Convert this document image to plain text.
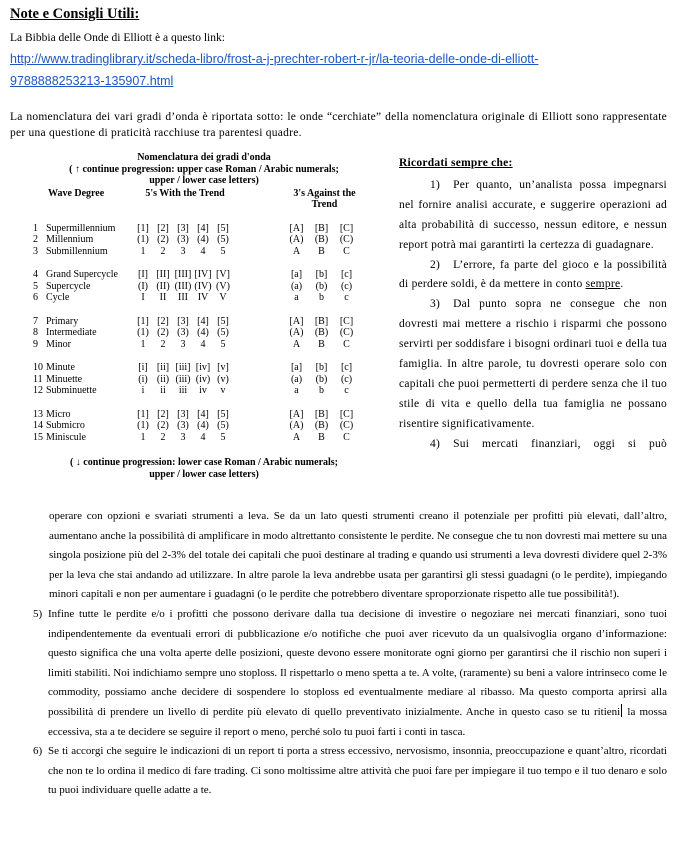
Note e Consigli Utili:

La Bibbia delle Onde di Elliott è a questo link:

http://www.tradinglibrary.it/scheda-libro/frost-a-j-prechter-robert-r-jr/la-teoria-delle-onde-di-elliott-9788888253213-135907.html

La nomenclatura dei vari gradi d’onda è riportata sotto: le onde “cerchiate” della nomenclatura originale di Elliott sono rappresentate per una questione di praticità racchiuse tra parentesi quadre.

Nomenclatura dei gradi d'onda
( ↑ continue progression: upper case Roman / Arabic numerals;
upper / lower case letters)
Wave Degree	5's With the Trend	3's Against the Trend
1 Supermillennium	[1] [2] [3] [4] [5]	[A]	[B]	[C]
2 Millennium	(1) (2) (3) (4) (5)	(A)	(B)	(C)
3 Submillennium	1	2	3	4	5	A	B	C
4 Grand Supercycle	[I] [II] [III] [IV] [V]	[a]	[b]	[c]
5 Supercycle	(I) (II) (III) (IV) (V)	(a)	(b)	(c)
6 Cycle	I	II	III IV	V	a	b	c
7 Primary	[1] [2] [3] [4] [5]	[A]	[B]	[C]
8 Intermediate	(1) (2) (3) (4) (5)	(A)	(B)	(C)
9 Minor	1	2	3	4	5	A	B	C
10 Minute	[i] [ii] [iii] [iv] [v]	[a]	[b]	[c]
11 Minuette	(i) (ii) (iii) (iv) (v)	(a)	(b)	(c)
12 Subminuette	i	ii	iii	iv	v	a	b	c
13 Micro	[1] [2] [3] [4] [5]	[A]	[B]	[C]
14 Submicro	(1) (2) (3) (4) (5)	(A)	(B)	(C)
15 Miniscule	1	2	3	4	5	A	B	C
( ↓ continue progression: lower case Roman / Arabic numerals;
upper / lower case letters)
Ricordati sempre che:

1) Per quanto, un’analista possa impegnarsi nel fornire analisi accurate, e suggerire operazioni ad alta probabilità di successo, nessun editore, e nessun report potrà mai garantirti la certezza di guadagnare.

2) L’errore, fa parte del gioco e la possibilità di perdere soldi, è da mettere in conto sempre.

3) Dal punto sopra ne consegue che non dovresti mai mettere a rischio i risparmi che possono servirti per soddisfare i bisogni ordinari tuoi e della tua famiglia. In altre parole, tu dovresti operare solo con capitali che puoi permetterti di perdere senza che il tuo stile di vita e quello della tua famiglia ne possano risentire significativamente.

4) Sui mercati finanziari, oggi si può

operare con opzioni e svariati strumenti a leva. Se da un lato questi strumenti creano il potenziale per profitti più elevati, dall’altro, aumentano anche la possibilità di amplificare in modo altrettanto consistente le perdite. Ne consegue che tu non dovresti mai mettere su una singola posizione più del 2-3% del totale dei capitali che puoi destinare al trading e quando usi strumenti a leva dovresti dividere quel 2-3% per la leva che stai andando ad utilizzare. In altre parole la leva andrebbe usata per garantirsi gli stessi guadagni (o le perdite), impiegando minori capitali e non per aumentare i guadagni (o le perdite che potrebbero diventare sproporzionate rispetto alle tue possibilità!).

5) Infine tutte le perdite e/o i profitti che possono derivare dalla tua decisione di investire o negoziare nei mercati finanziari, sono tuoi indipendentemente da eventuali errori di pubblicazione e/o notifiche che puoi aver ricevuto da un qualsivoglia organo d’informazione: questo significa che una volta aperte delle posizioni, queste devono essere monitorate ogni giorno per garantirsi che il rischio non superi i limiti stabiliti. Noi indichiamo sempre uno stoploss. Il rispettarlo o meno spetta a te. A volte, (raramente) su beni a valore intrinseco come le commodity, possiamo anche decidere di sospendere lo stoploss ed eventualmente mediare al ribasso. Ma questo comporta aprirsi alla possibilità di prendere un livello di perdite più elevato di quello preventivato inizialmente. Anche in questo caso se tu ritieni la mossa eccessiva, sta a te decidere se seguire il report o meno, perché solo tu puoi farti i conti in tasca.
6) Se ti accorgi che seguire le indicazioni di un report ti porta a stress eccessivo, nervosismo, insonnia, preoccupazione e quant’altro, ricordati che non te lo ordina il medico di fare trading. Ci sono moltissime altre attività che puoi fare per impiegare il tuo tempo e il tuo denaro e solo tu puoi individuare quelle adatte a te.
